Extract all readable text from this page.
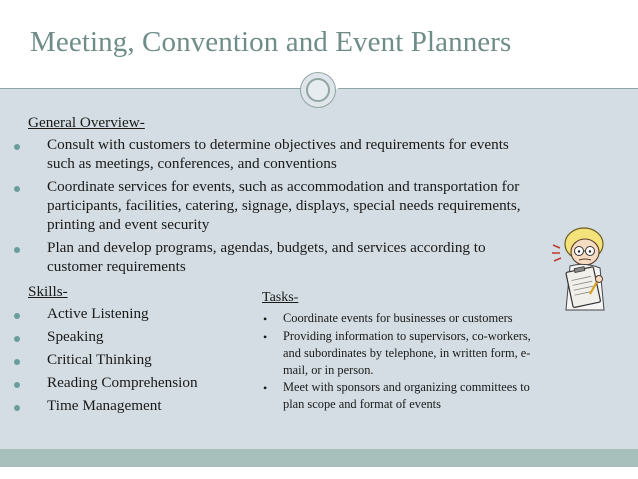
Meeting, Convention and Event Planners
General Overview-
Consult with customers to determine objectives and requirements for events
such as meetings, conferences, and conventions
Coordinate services for events, such as accommodation and transportation for
participants, facilities, catering, signage, displays, special needs requirements,
printing and event security
Plan and develop programs, agendas, budgets, and services according to
customer requirements
Skills-
Active Listening
Speaking
Critical Thinking
Reading Comprehension
Time Management
Tasks-
• Coordinate events for businesses or customers
• Providing information to supervisors, co-workers,
and subordinates by telephone, in written form, e-
mail, or in person.
• Meet with sponsors and organizing committees to
plan scope and format of events
